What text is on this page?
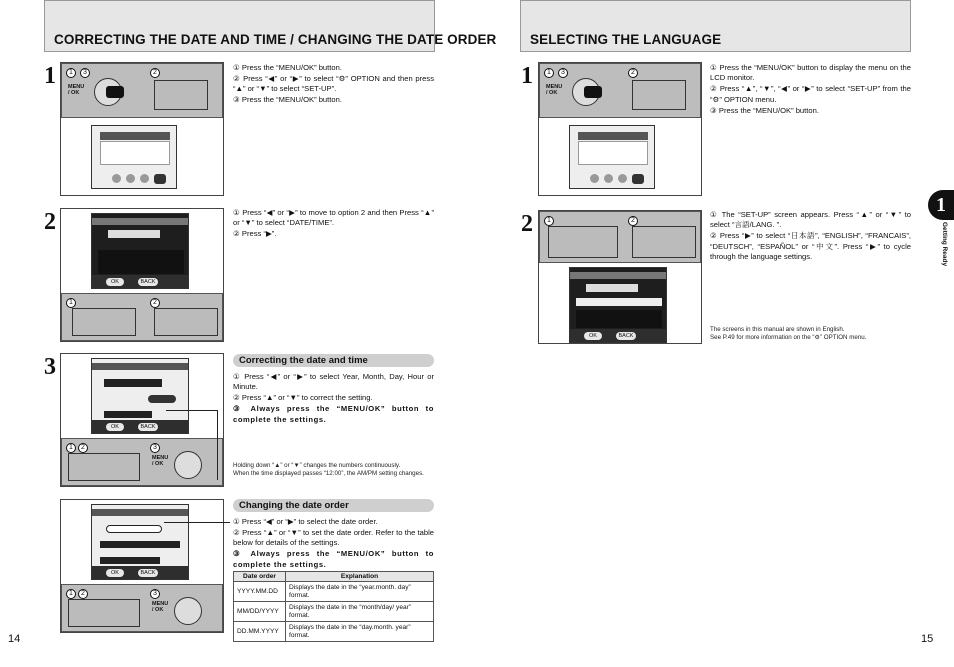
CORRECTING THE DATE AND TIME / CHANGING THE DATE ORDER
1	1	3
MENU
/ OK
2

① Press the “MENU/OK” button.

② Press “◀” or “▶” to select “⚙” OPTION and then press “▲” or “▼” to select “SET-UP”.

③ Press the “MENU/OK” button.

2
OK	BACK
1	2

① Press “◀” or “▶” to move to option 2 and then Press “▲” or “▼” to select “DATE/TIME”.

② Press “▶”.

3
OK	BACK
1	2	3
MENU
/ OK
Correcting the date and time

① Press “◀” or “▶” to select Year, Month, Day, Hour or Minute.

② Press “▲” or “▼” to correct the setting.

③ Always press the “MENU/OK” button to complete the settings.

Holding down “▲” or “▼” changes the numbers continuously.

When the time displayed passes “12:00”, the AM/PM setting changes.

OK	BACK
1	2	3
MENU
/ OK
Changing the date order

① Press “◀” or “▶” to select the date order.

② Press “▲” or “▼” to set the date order. Refer to the table below for details of the settings.

③ Always press the “MENU/OK” button to complete the settings.

Date order	Explanation
YYYY.MM.DD	Displays the date in the “year.month. day” format.
MM/DD/YYYY	Displays the date in the “month/day/ year” format.
DD.MM.YYYY	Displays the date in the “day.month. year” format.
14
SELECTING THE LANGUAGE
1	1	3
MENU
/ OK
2

① Press the “MENU/OK” button to display the menu on the LCD monitor.

② Press “▲”, “▼”, “◀” or “▶” to select “SET-UP” from the “⚙” OPTION menu.

③ Press the “MENU/OK” button.

2	1	2
OK	BACK

① The “SET-UP” screen appears. Press “▲” or “▼” to select “言語/LANG. ”.

② Press “▶” to select “日本語”, “ENGLISH”, “FRANCAIS”, “DEUTSCH”, “ESPAÑOL” or “中文”. Press “▶” to cycle through the language settings.

The screens in this manual are shown in English.

See P.49 for more information on the “⚙” OPTION menu.

1
Getting Ready
15
